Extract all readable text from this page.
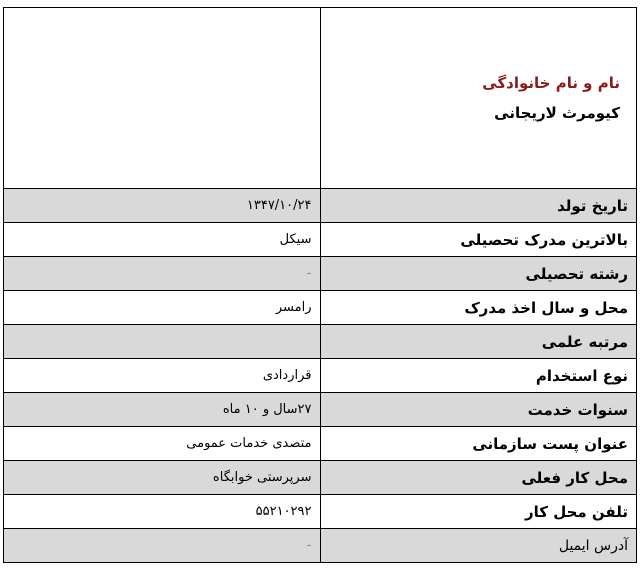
نام و نام خانوادگی
کیومرث لاریجانی	

تاریخ تولد	۱۳۴۷/۱۰/۲۴
بالاترین مدرک تحصیلی	سیکل
رشته تحصیلی	-
محل و سال اخذ مدرک	رامسر
مرتبه علمی	
نوع استخدام	قراردادی
سنوات خدمت	۲۷سال و ۱۰ ماه
عنوان پست سازمانی	متصدی خدمات عمومی
محل کار فعلی	سرپرستی خوابگاه
تلفن محل کار	۵۵۲۱۰۲۹۲
آدرس ایمیل	-
